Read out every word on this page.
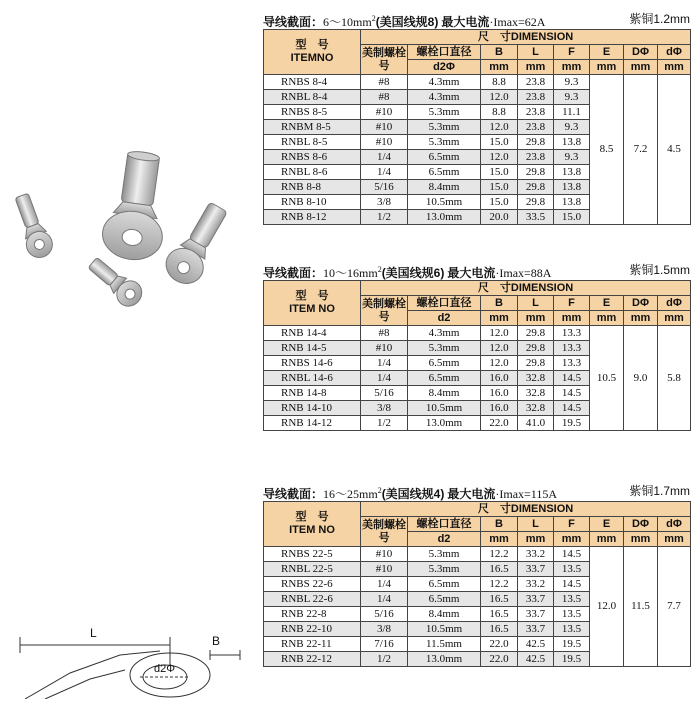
L
B
d2Φ
导线截面：$6\sim 10mm^2$(美国线规8) 最大电流·Imax=62A	紫铜1.2mm
型　号
ITEMNO	尺　寸DIMENSION							
	美制螺栓号	螺栓口直径	B	L	F	E	DΦ	dΦ
		d2Φ	mm	mm	mm	mm	mm	mm
RNBS 8-4	#8	4.3mm	8.8	23.8	9.3	8.5	7.2	4.5
RNBL 8-4	#8	4.3mm	12.0	23.8	9.3			
RNBS 8-5	#10	5.3mm	8.8	23.8	11.1			
RNBM 8-5	#10	5.3mm	12.0	23.8	9.3			
RNBL 8-5	#10	5.3mm	15.0	29.8	13.8			
RNBS 8-6	1/4	6.5mm	12.0	23.8	9.3			
RNBL 8-6	1/4	6.5mm	15.0	29.8	13.8			
RNB 8-8	5/16	8.4mm	15.0	29.8	13.8			
RNB 8-10	3/8	10.5mm	15.0	29.8	13.8			
RNB 8-12	1/2	13.0mm	20.0	33.5	15.0			
导线截面：$10\sim 16mm^2$(美国线规6) 最大电流·Imax=88A	紫铜1.5mm
型　号
ITEM NO	尺　寸DIMENSION							
	美制螺栓号	螺栓口直径	B	L	F	E	DΦ	dΦ
		d2	mm	mm	mm	mm	mm	mm
RNB 14-4	#8	4.3mm	12.0	29.8	13.3	10.5	9.0	5.8
RNB 14-5	#10	5.3mm	12.0	29.8	13.3			
RNBS 14-6	1/4	6.5mm	12.0	29.8	13.3			
RNBL 14-6	1/4	6.5mm	16.0	32.8	14.5			
RNB 14-8	5/16	8.4mm	16.0	32.8	14.5			
RNB 14-10	3/8	10.5mm	16.0	32.8	14.5			
RNB 14-12	1/2	13.0mm	22.0	41.0	19.5			
导线截面：$16\sim 25mm^2$(美国线规4) 最大电流·Imax=115A	紫铜1.7mm
型　号
ITEM NO	尺　寸DIMENSION							
	美制螺栓号	螺栓口直径	B	L	F	E	DΦ	dΦ
		d2	mm	mm	mm	mm	mm	mm
RNBS 22-5	#10	5.3mm	12.2	33.2	14.5	12.0	11.5	7.7
RNBL 22-5	#10	5.3mm	16.5	33.7	13.5			
RNBS 22-6	1/4	6.5mm	12.2	33.2	14.5			
RNBL 22-6	1/4	6.5mm	16.5	33.7	13.5			
RNB 22-8	5/16	8.4mm	16.5	33.7	13.5			
RNB 22-10	3/8	10.5mm	16.5	33.7	13.5			
RNB 22-11	7/16	11.5mm	22.0	42.5	19.5			
RNB 22-12	1/2	13.0mm	22.0	42.5	19.5			
